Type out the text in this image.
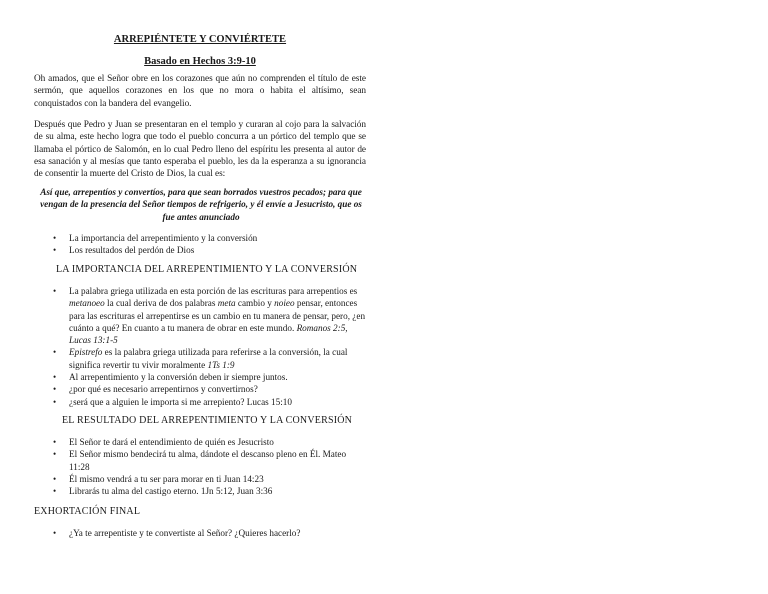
ARREPIÉNTETE Y CONVIÉRTETE
Basado en Hechos 3:9-10
Oh amados, que el Señor obre en los corazones que aún no comprenden el título de este sermón, que aquellos corazones en los que no mora o habita el altísimo, sean conquistados con la bandera del evangelio.
Después que Pedro y Juan se presentaran en el templo y curaran al cojo para la salvación de su alma, este hecho logra que todo el pueblo concurra a un pórtico del templo que se llamaba el pórtico de Salomón, en lo cual Pedro lleno del espíritu les presenta al autor de esa sanación y al mesías que tanto esperaba el pueblo, les da la esperanza a su ignorancia de consentir la muerte del Cristo de Dios, la cual es:
Así que, arrepentíos y convertíos, para que sean borrados vuestros pecados; para que vengan de la presencia del Señor tiempos de refrigerio, y él envíe a Jesucristo, que os fue antes anunciado
• La importancia del arrepentimiento y la conversión
• Los resultados del perdón de Dios
LA IMPORTANCIA DEL ARREPENTIMIENTO Y LA CONVERSIÓN
• La palabra griega utilizada en esta porción de las escrituras para arrepentios es metanoeo la cual deriva de dos palabras meta cambio y noieo pensar, entonces para las escrituras el arrepentirse es un cambio en tu manera de pensar, pero, ¿en cuánto a qué? En cuanto a tu manera de obrar en este mundo. Romanos 2:5, Lucas 13:1-5
• Epistrefo es la palabra griega utilizada para referirse a la conversión, la cual significa revertir tu vivir moralmente 1Ts 1:9
• Al arrepentimiento y la conversión deben ir siempre juntos.
• ¿por qué es necesario arrepentirnos y convertirnos?
• ¿será que a alguien le importa si me arrepiento? Lucas 15:10
EL RESULTADO DEL ARREPENTIMIENTO Y LA CONVERSIÓN
• El Señor te dará el entendimiento de quién es Jesucristo
• El Señor mismo bendecirá tu alma, dándote el descanso pleno en Él. Mateo 11:28
• Él mismo vendrá a tu ser para morar en ti Juan 14:23
• Librarás tu alma del castigo eterno. 1Jn 5:12, Juan 3:36
EXHORTACIÓN FINAL
• ¿Ya te arrepentiste y te convertiste al Señor? ¿Quieres hacerlo?
